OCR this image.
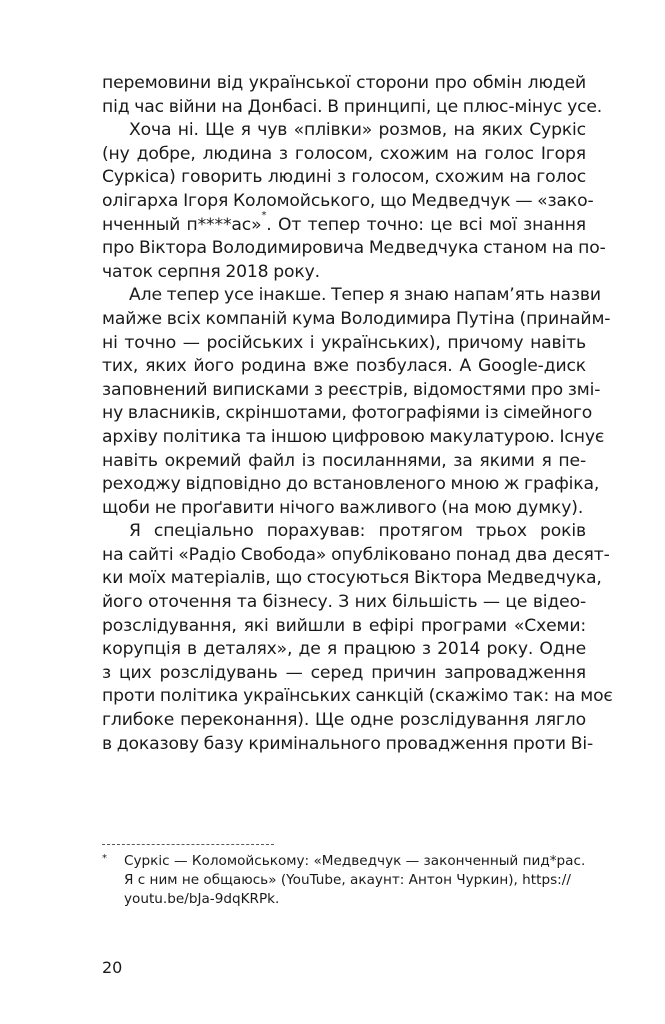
перемовини від української сторони про обмін людей
під час війни на Донбасі. В принципі, це плюс-мінус усе.
Хоча ні. Ще я чув «плівки» розмов, на яких Суркіс
(ну добре, людина з голосом, схожим на голос Ігоря
Суркіса) говорить людині з голосом, схожим на голос
олігарха Ігоря Коломойського, що Медведчук — «зако-
нченный п****ас»*. От тепер точно: це всі мої знання
про Віктора Володимировича Медведчука станом на по-
чаток серпня 2018 року.
Але тепер усе інакше. Тепер я знаю напам’ять назви
майже всіх компаній кума Володимира Путіна (принайм-
ні точно — російських і українських), причому навіть
тих, яких його родина вже позбулася. А Google-диск
заповнений виписками з реєстрів, відомостями про змі-
ну власників, скріншотами, фотографіями із сімейного
архіву політика та іншою цифровою макулатурою. Існує
навіть окремий файл із посиланнями, за якими я пе-
реходжу відповідно до встановленого мною ж графіка,
щоби не проґавити нічого важливого (на мою думку).
Я спеціально порахував: протягом трьох років
на сайті «Радіо Свобода» опубліковано понад два десят-
ки моїх матеріалів, що стосуються Віктора Медведчука,
його оточення та бізнесу. З них більшість — це відео-
розслідування, які вийшли в ефірі програми «Схеми:
корупція в деталях», де я працюю з 2014 року. Одне
з цих розслідувань — серед причин запровадження
проти політика українських санкцій (скажімо так: на моє
глибоке переконання). Ще одне розслідування лягло
в доказову базу кримінального провадження проти Ві-
*	Суркіс — Коломойському: «Медведчук — законченный пид*рас.
Я с ним не общаюсь» (YouTube, акаунт: Антон Чуркин), https://
youtu.be/bJa-9dqKRPk.
20
